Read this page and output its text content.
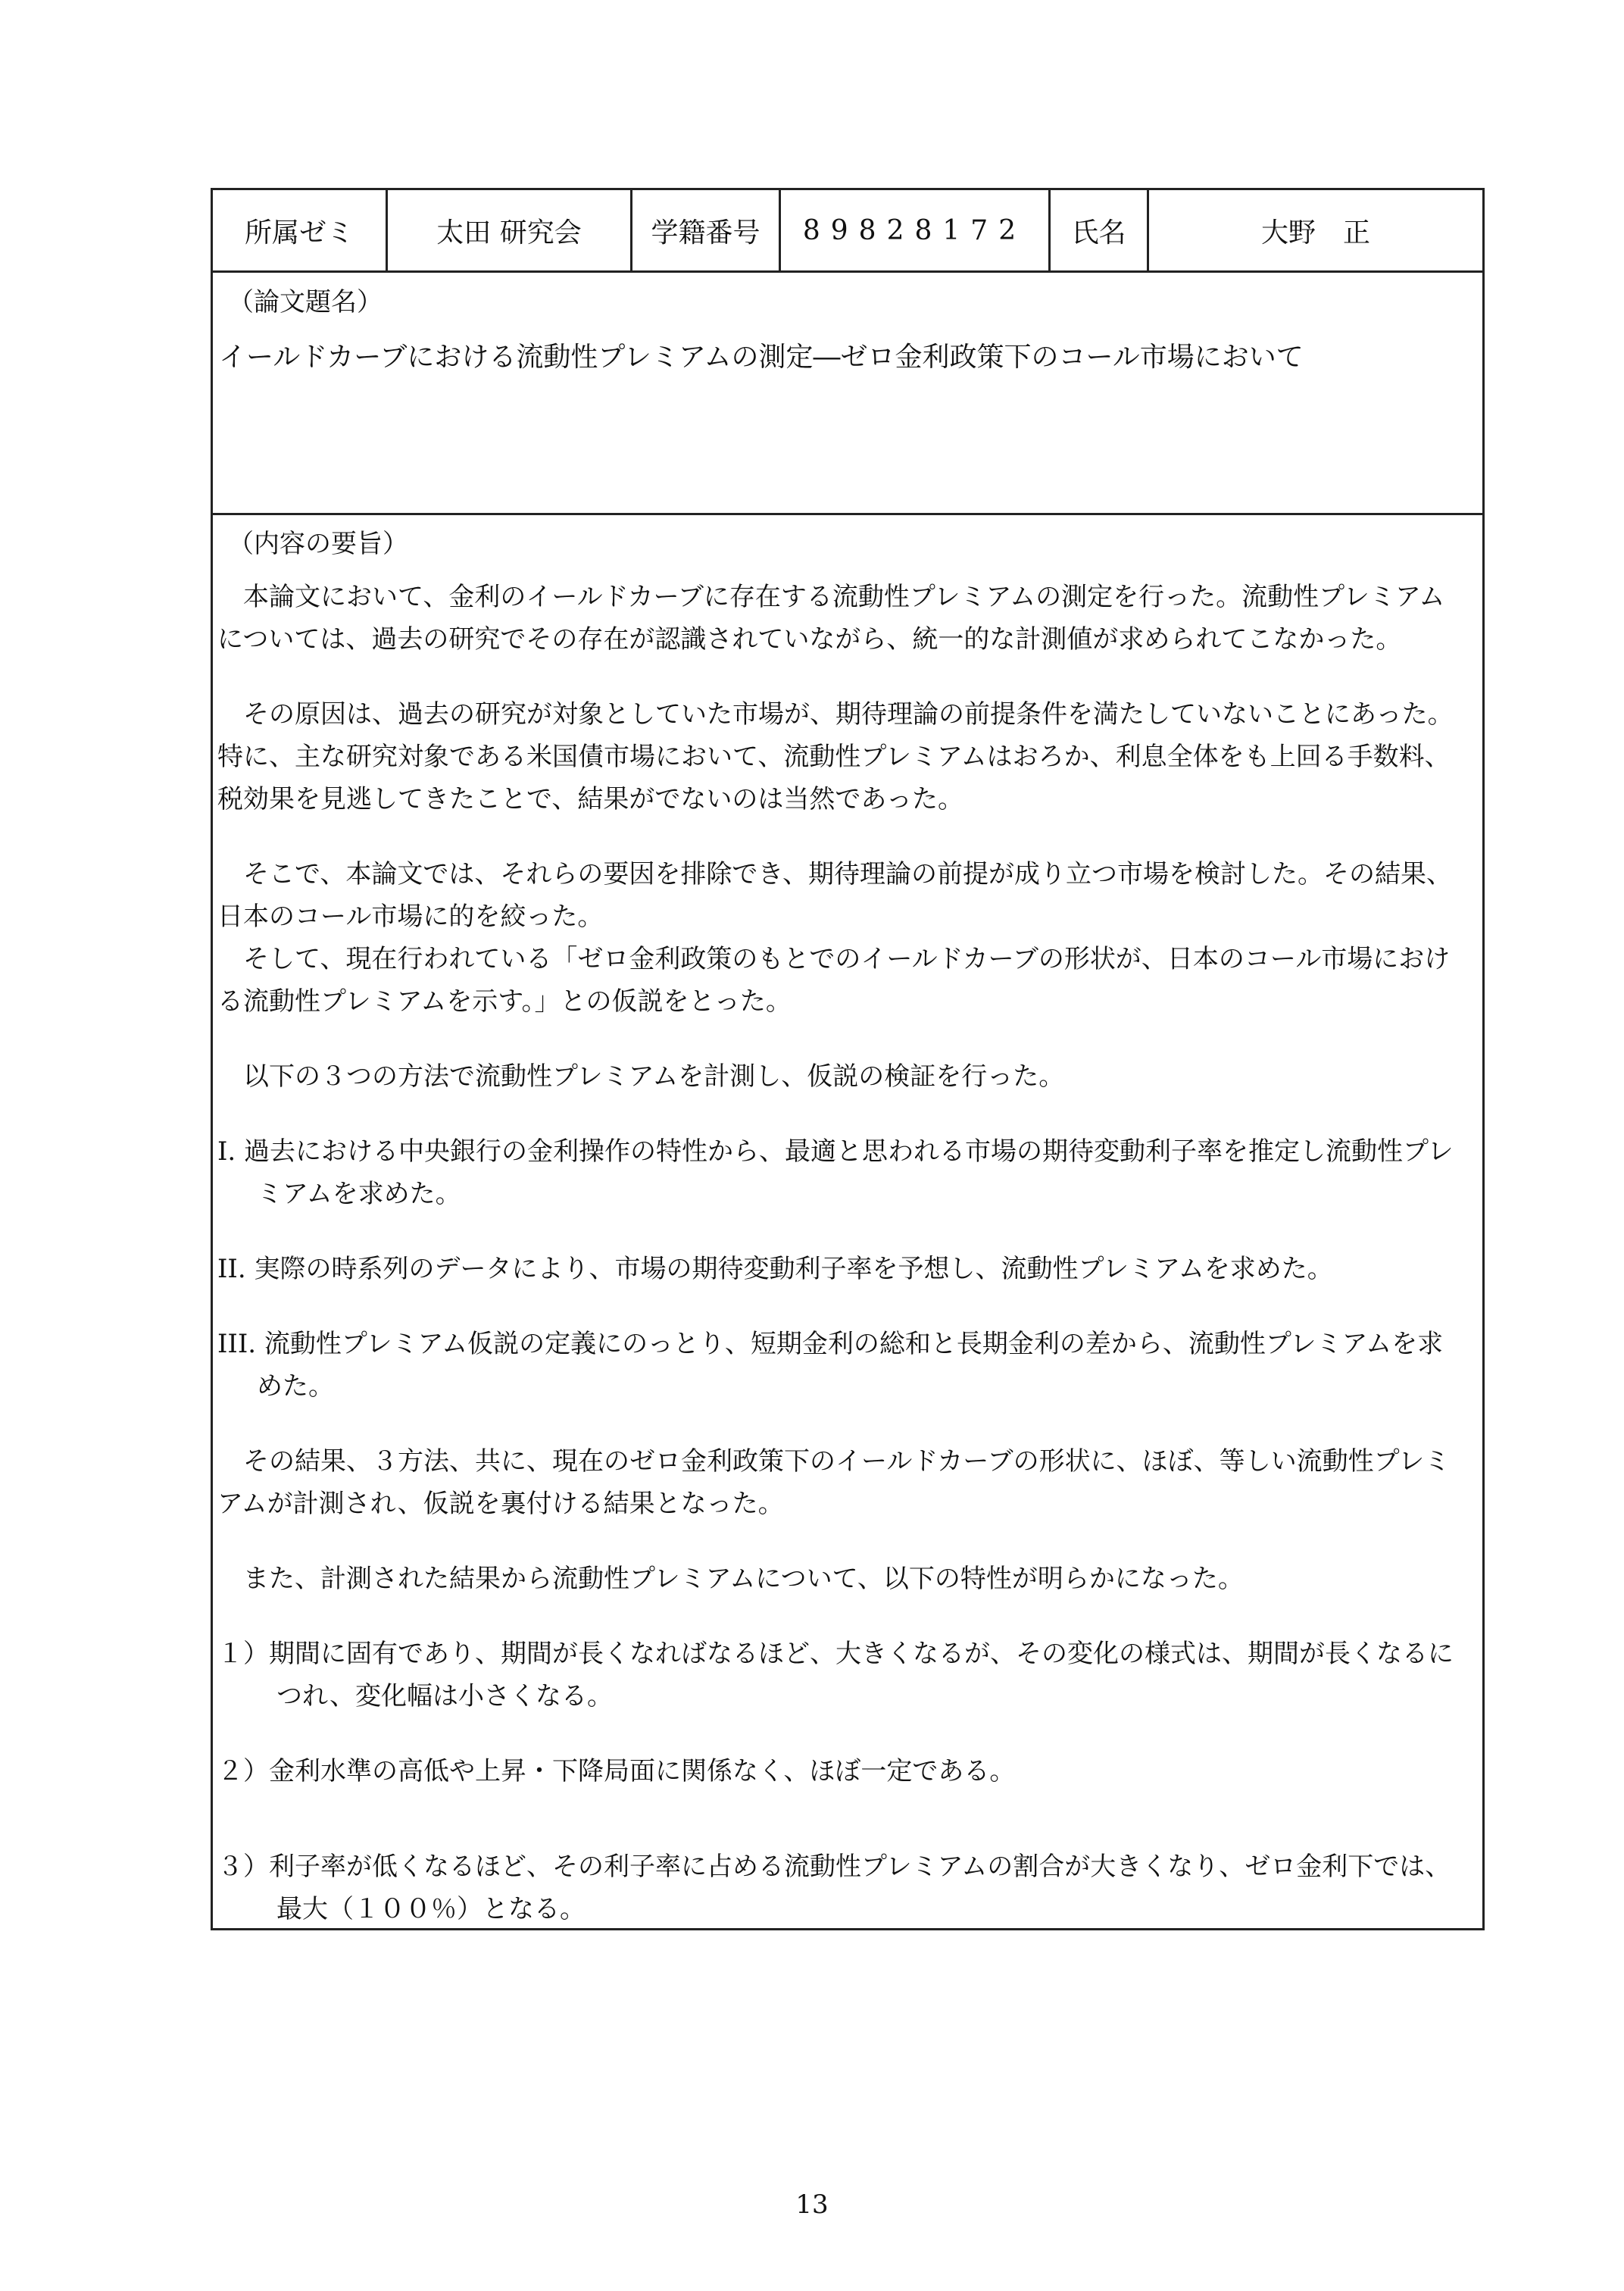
所属ゼミ	太田 研究会	学籍番号	89828172	氏名	大野　正
（論文題名）
イールドカーブにおける流動性プレミアムの測定―ゼロ金利政策下のコール市場において
（内容の要旨）

本論文において、金利のイールドカーブに存在する流動性プレミアムの測定を行った。流動性プレミアムについては、過去の研究でその存在が認識されていながら、統一的な計測値が求められてこなかった。

その原因は、過去の研究が対象としていた市場が、期待理論の前提条件を満たしていないことにあった。特に、主な研究対象である米国債市場において、流動性プレミアムはおろか、利息全体をも上回る手数料、税効果を見逃してきたことで、結果がでないのは当然であった。

そこで、本論文では、それらの要因を排除でき、期待理論の前提が成り立つ市場を検討した。その結果、日本のコール市場に的を絞った。

そして、現在行われている「ゼロ金利政策のもとでのイールドカーブの形状が、日本のコール市場における流動性プレミアムを示す。」との仮説をとった。

以下の３つの方法で流動性プレミアムを計測し、仮説の検証を行った。

I. 過去における中央銀行の金利操作の特性から、最適と思われる市場の期待変動利子率を推定し流動性プレミアムを求めた。

II. 実際の時系列のデータにより、市場の期待変動利子率を予想し、流動性プレミアムを求めた。

III. 流動性プレミアム仮説の定義にのっとり、短期金利の総和と長期金利の差から、流動性プレミアムを求めた。

その結果、３方法、共に、現在のゼロ金利政策下のイールドカーブの形状に、ほぼ、等しい流動性プレミアムが計測され、仮説を裏付ける結果となった。

また、計測された結果から流動性プレミアムについて、以下の特性が明らかになった。

１）期間に固有であり、期間が長くなればなるほど、大きくなるが、その変化の様式は、期間が長くなるにつれ、変化幅は小さくなる。

２）金利水準の高低や上昇・下降局面に関係なく、ほぼ一定である。

３）利子率が低くなるほど、その利子率に占める流動性プレミアムの割合が大きくなり、ゼロ金利下では、最大（１００％）となる。

13
